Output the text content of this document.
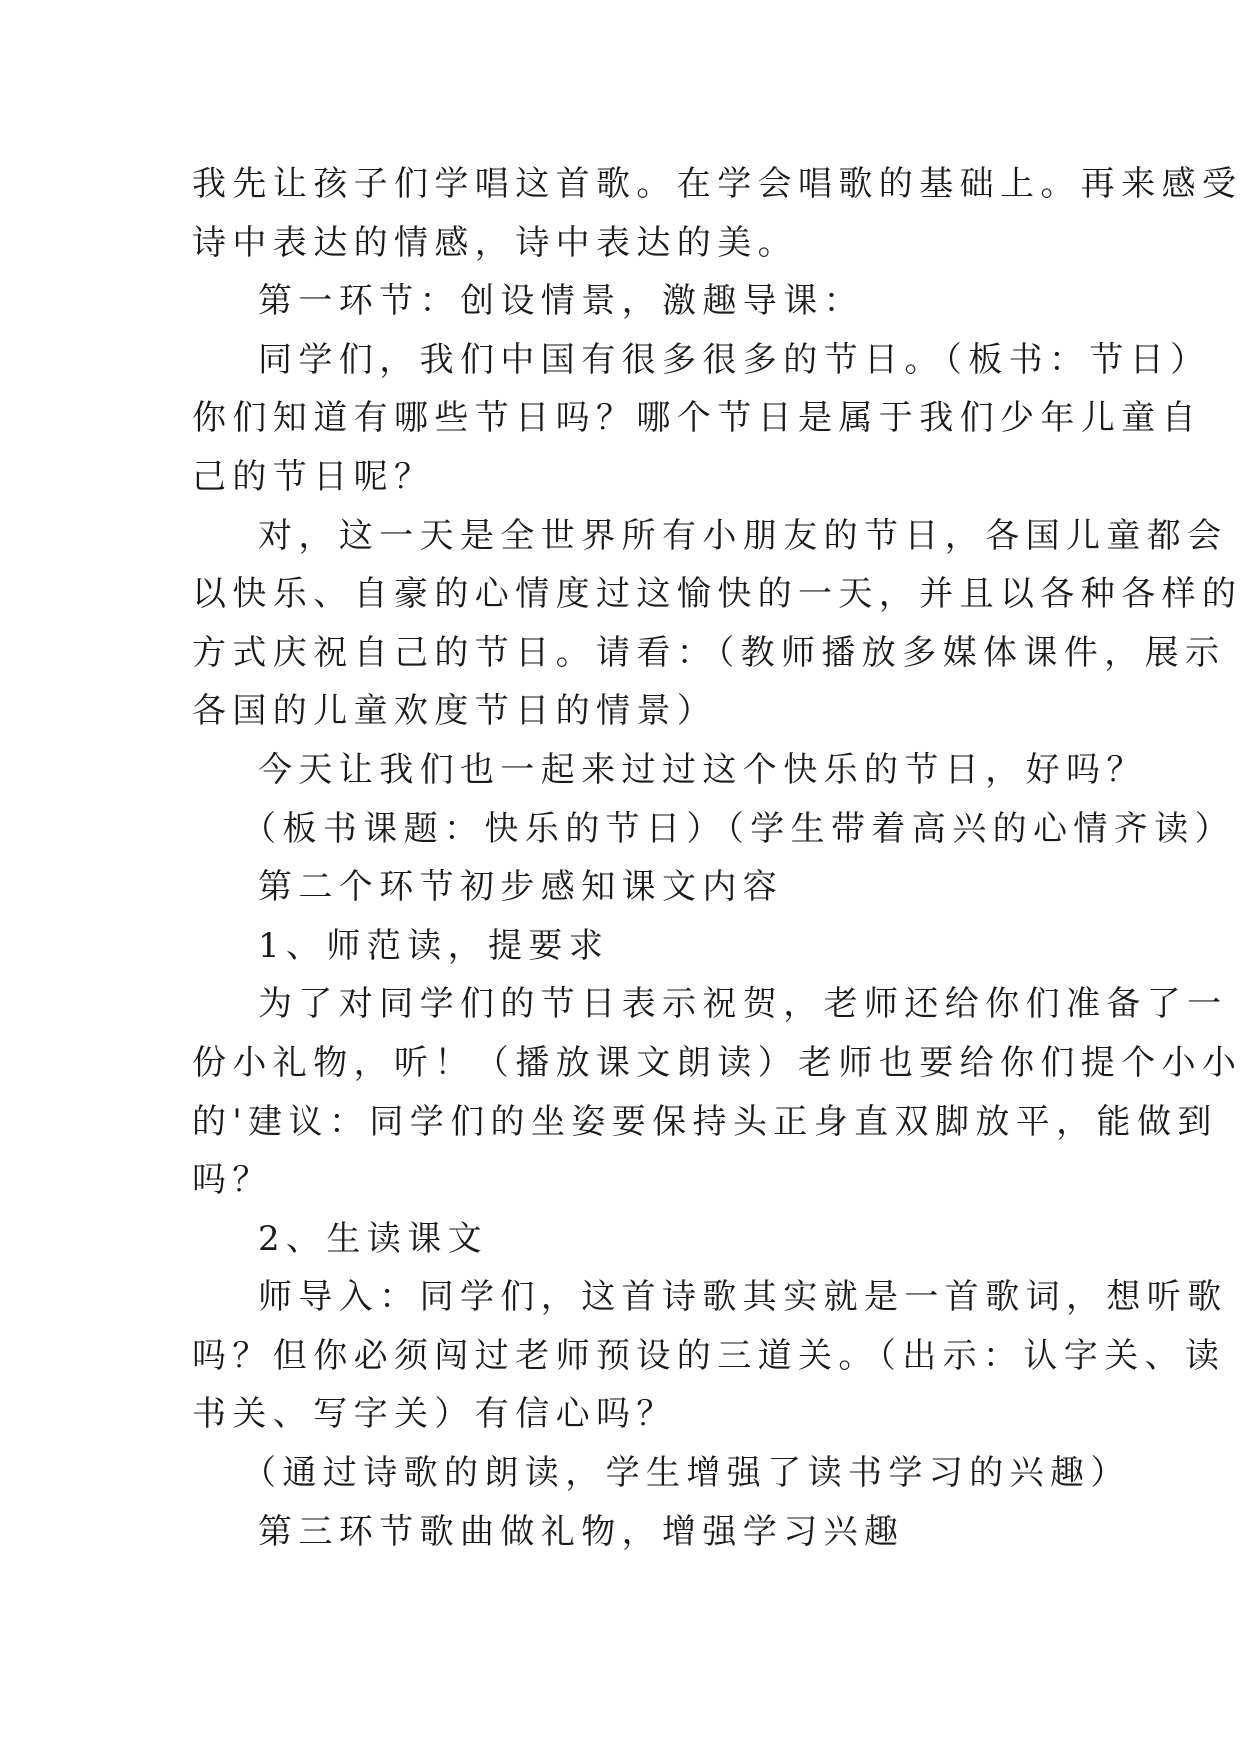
我先让孩子们学唱这首歌。在学会唱歌的基础上。再来感受
诗中表达的情感，诗中表达的美。
第一环节：创设情景，激趣导课：
同学们，我们中国有很多很多的节日。（板书：节日）
你们知道有哪些节日吗？哪个节日是属于我们少年儿童自
己的节日呢？
对，这一天是全世界所有小朋友的节日，各国儿童都会
以快乐、自豪的心情度过这愉快的一天，并且以各种各样的
方式庆祝自己的节日。请看：（教师播放多媒体课件，展示
各国的儿童欢度节日的情景）
今天让我们也一起来过过这个快乐的节日，好吗？
（板书课题：快乐的节日）（学生带着高兴的心情齐读）
第二个环节初步感知课文内容
1、师范读，提要求
为了对同学们的节日表示祝贺，老师还给你们准备了一
份小礼物，听！（播放课文朗读）老师也要给你们提个小小
的'建议：同学们的坐姿要保持头正身直双脚放平，能做到
吗？
2、生读课文
师导入：同学们，这首诗歌其实就是一首歌词，想听歌
吗？但你必须闯过老师预设的三道关。（出示：认字关、读
书关、写字关）有信心吗？
（通过诗歌的朗读，学生增强了读书学习的兴趣）
第三环节歌曲做礼物，增强学习兴趣
